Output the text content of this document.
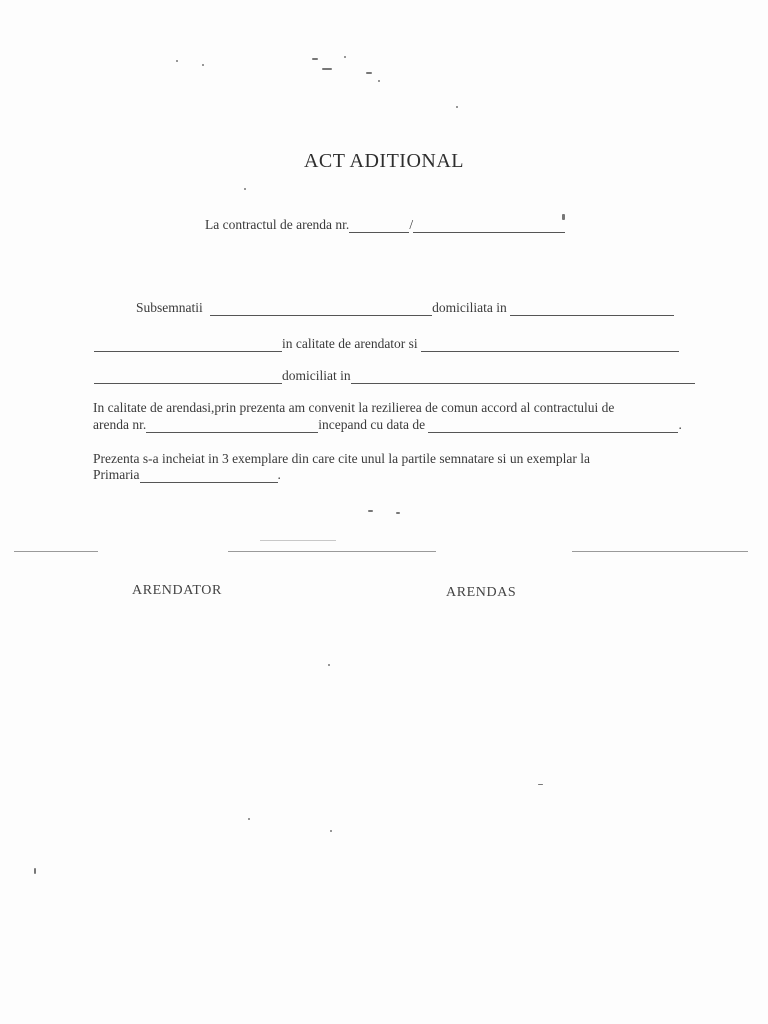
ACT ADITIONAL
La contractul de arenda nr.	/
Subsemnatii	domiciliata in
in calitate de arendator si
domiciliat in
In calitate de arendasi,prin prezenta am convenit la rezilierea de comun accord al contractului de
arenda nr.	incepand cu data de	.
Prezenta s-a incheiat in 3 exemplare din care cite unul la partile semnatare si un exemplar la
Primaria	.
ARENDATOR	ARENDAS
